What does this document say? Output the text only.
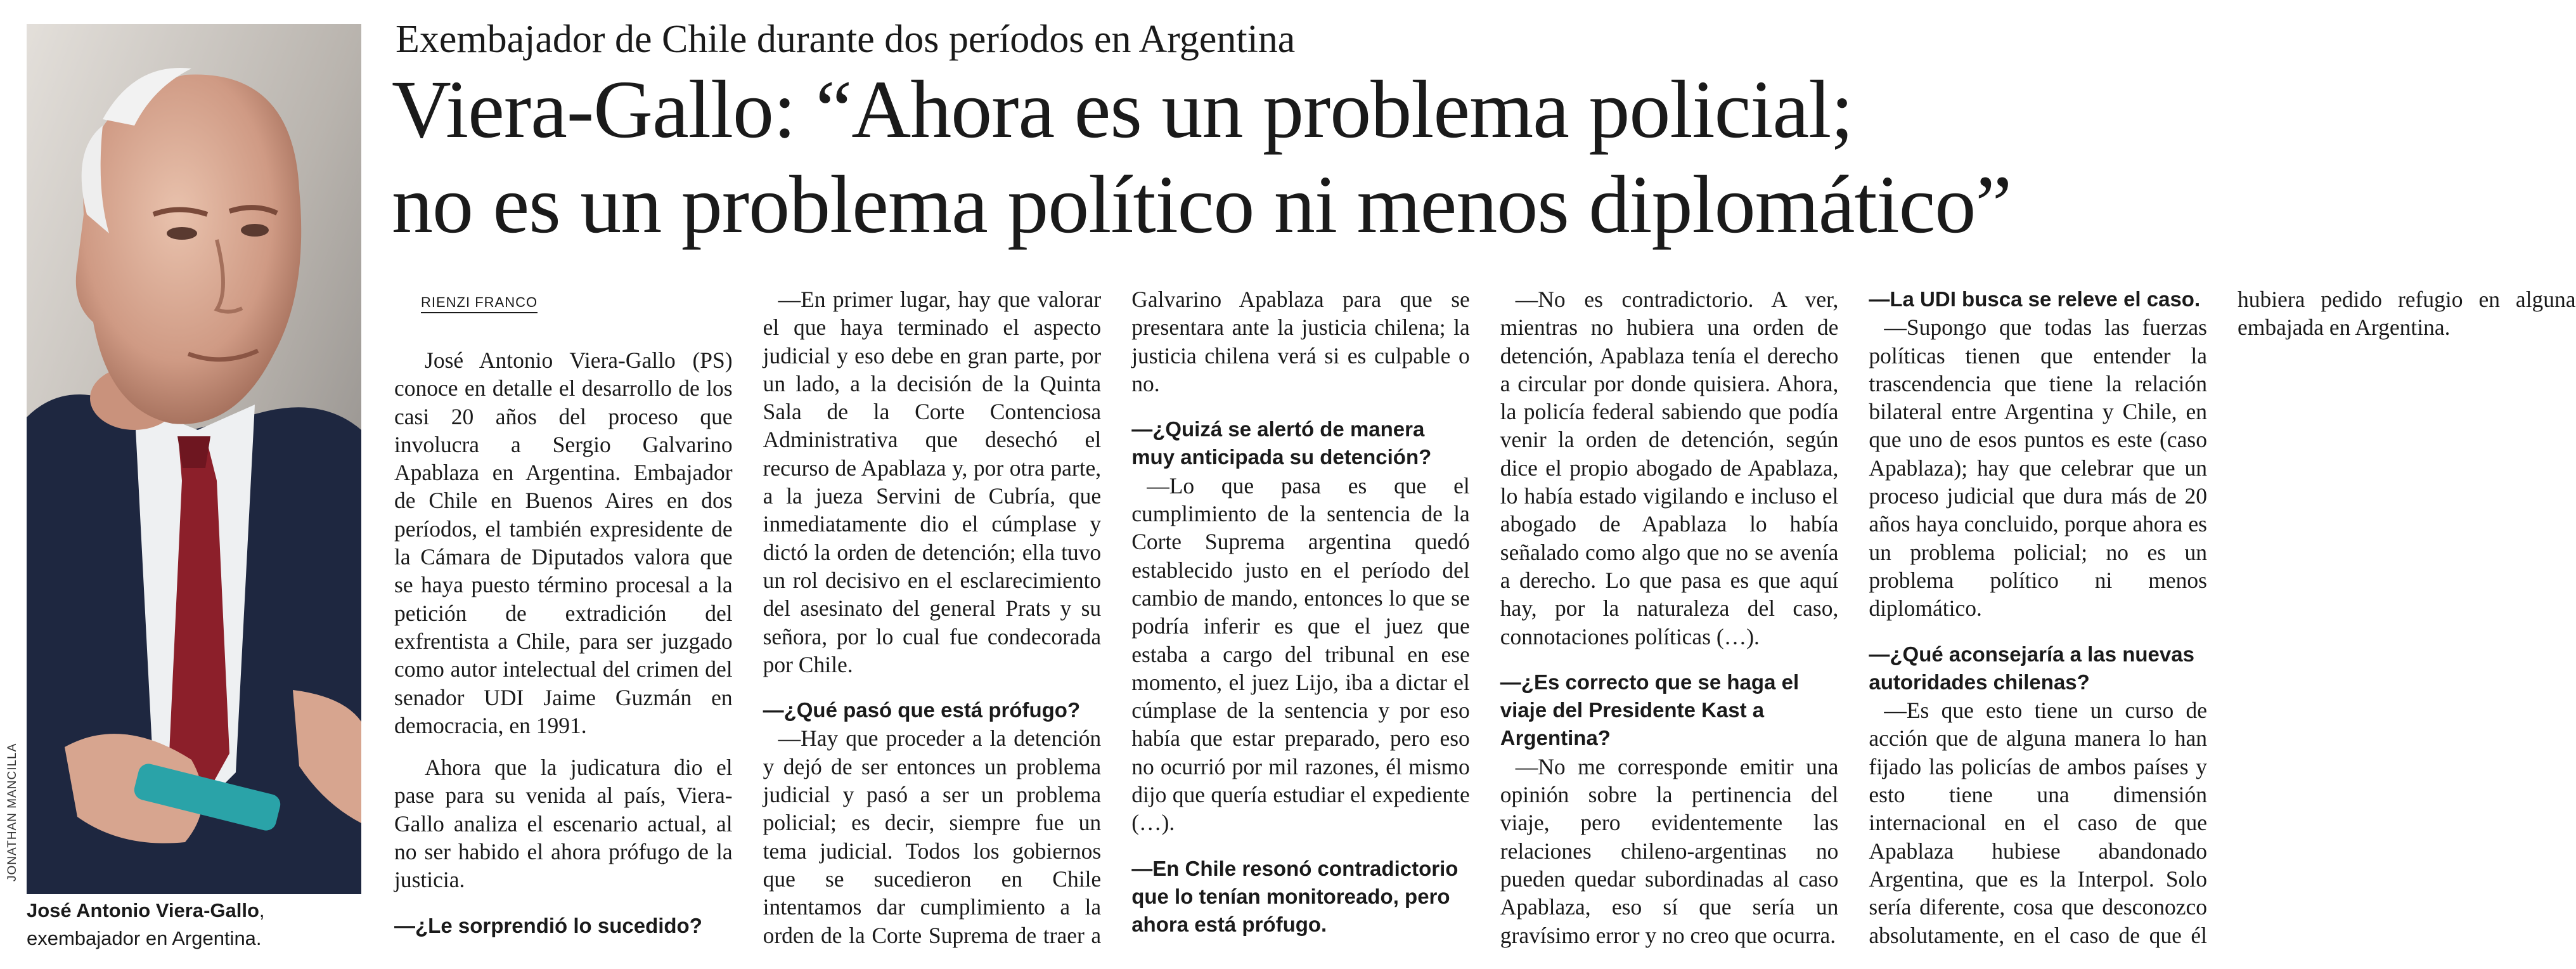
JONATHAN MANCILLA
José Antonio Viera-Gallo, exembajador en Argentina.
Exembajador de Chile durante dos períodos en Argentina
Viera-Gallo: “Ahora es un problema policial;
no es un problema político ni menos diplomático”
RIENZI FRANCO

José Antonio Viera-Gallo (PS) conoce en detalle el desarrollo de los casi 20 años del proceso que involucra a Sergio Galvarino Apablaza en Argentina. Embajador de Chile en Buenos Aires en dos períodos, el también expresidente de la Cámara de Diputados valora que se haya puesto término procesal a la petición de extradición del exfrentista a Chile, para ser juzgado como autor intelectual del crimen del senador UDI Jaime Guzmán en democracia, en 1991.

Ahora que la judicatura dio el pase para su venida al país, Viera-Gallo analiza el escenario actual, al no ser habido el ahora prófugo de la justicia.

—¿Le sorprendió lo sucedido?

—En primer lugar, hay que valorar el que haya terminado el aspecto judicial y eso debe en gran parte, por un lado, a la decisión de la Quinta Sala de la Corte Contenciosa Administrativa que desechó el recurso de Apablaza y, por otra parte, a la jueza Servini de Cubría, que inmediatamente dio el cúmplase y dictó la orden de detención; ella tuvo un rol decisivo en el esclarecimiento del asesinato del general Prats y su señora, por lo cual fue condecorada por Chile.

—¿Qué pasó que está prófugo?

—Hay que proceder a la detención y dejó de ser entonces un problema judicial y pasó a ser un problema policial; es decir, siempre fue un tema judicial. Todos los gobiernos que se sucedieron en Chile intentamos dar cumplimiento a la orden de la Corte Suprema de traer a Galvarino Apablaza para que se presentara ante la justicia chilena; la justicia chilena verá si es culpable o no.

—¿Quizá se alertó de manera muy anticipada su detención?

—Lo que pasa es que el cumplimiento de la sentencia de la Corte Suprema argentina quedó establecido justo en el período del cambio de mando, entonces lo que se podría inferir es que el juez que estaba a cargo del tribunal en ese momento, el juez Lijo, iba a dictar el cúmplase de la sentencia y por eso había que estar preparado, pero eso no ocurrió por mil razones, él mismo dijo que quería estudiar el expediente (…).

—En Chile resonó contradictorio que lo tenían monitoreado, pero ahora está prófugo.

—No es contradictorio. A ver, mientras no hubiera una orden de detención, Apablaza tenía el derecho a circular por donde quisiera. Ahora, la policía federal sabiendo que podía venir la orden de detención, según dice el propio abogado de Apablaza, lo había estado vigilando e incluso el abogado de Apablaza lo había señalado como algo que no se avenía a derecho. Lo que pasa es que aquí hay, por la naturaleza del caso, connotaciones políticas (…).

—¿Es correcto que se haga el viaje del Presidente Kast a Argentina?

—No me corresponde emitir una opinión sobre la pertinencia del viaje, pero evidentemente las relaciones chileno-argentinas no pueden quedar subordinadas al caso Apablaza, eso sí que sería un gravísimo error y no creo que ocurra.

—La UDI busca se releve el caso.

—Supongo que todas las fuerzas políticas tienen que entender la trascendencia que tiene la relación bilateral entre Argentina y Chile, en que uno de esos puntos es este (caso Apablaza); hay que celebrar que un proceso judicial que dura más de 20 años haya concluido, porque ahora es un problema policial; no es un problema político ni menos diplomático.

—¿Qué aconsejaría a las nuevas autoridades chilenas?

—Es que esto tiene un curso de acción que de alguna manera lo han fijado las policías de ambos países y esto tiene una dimensión internacional en el caso de que Apablaza hubiese abandonado Argentina, que es la Interpol. Solo sería diferente, cosa que desconozco absolutamente, en el caso de que él hubiera pedido refugio en alguna embajada en Argentina.
